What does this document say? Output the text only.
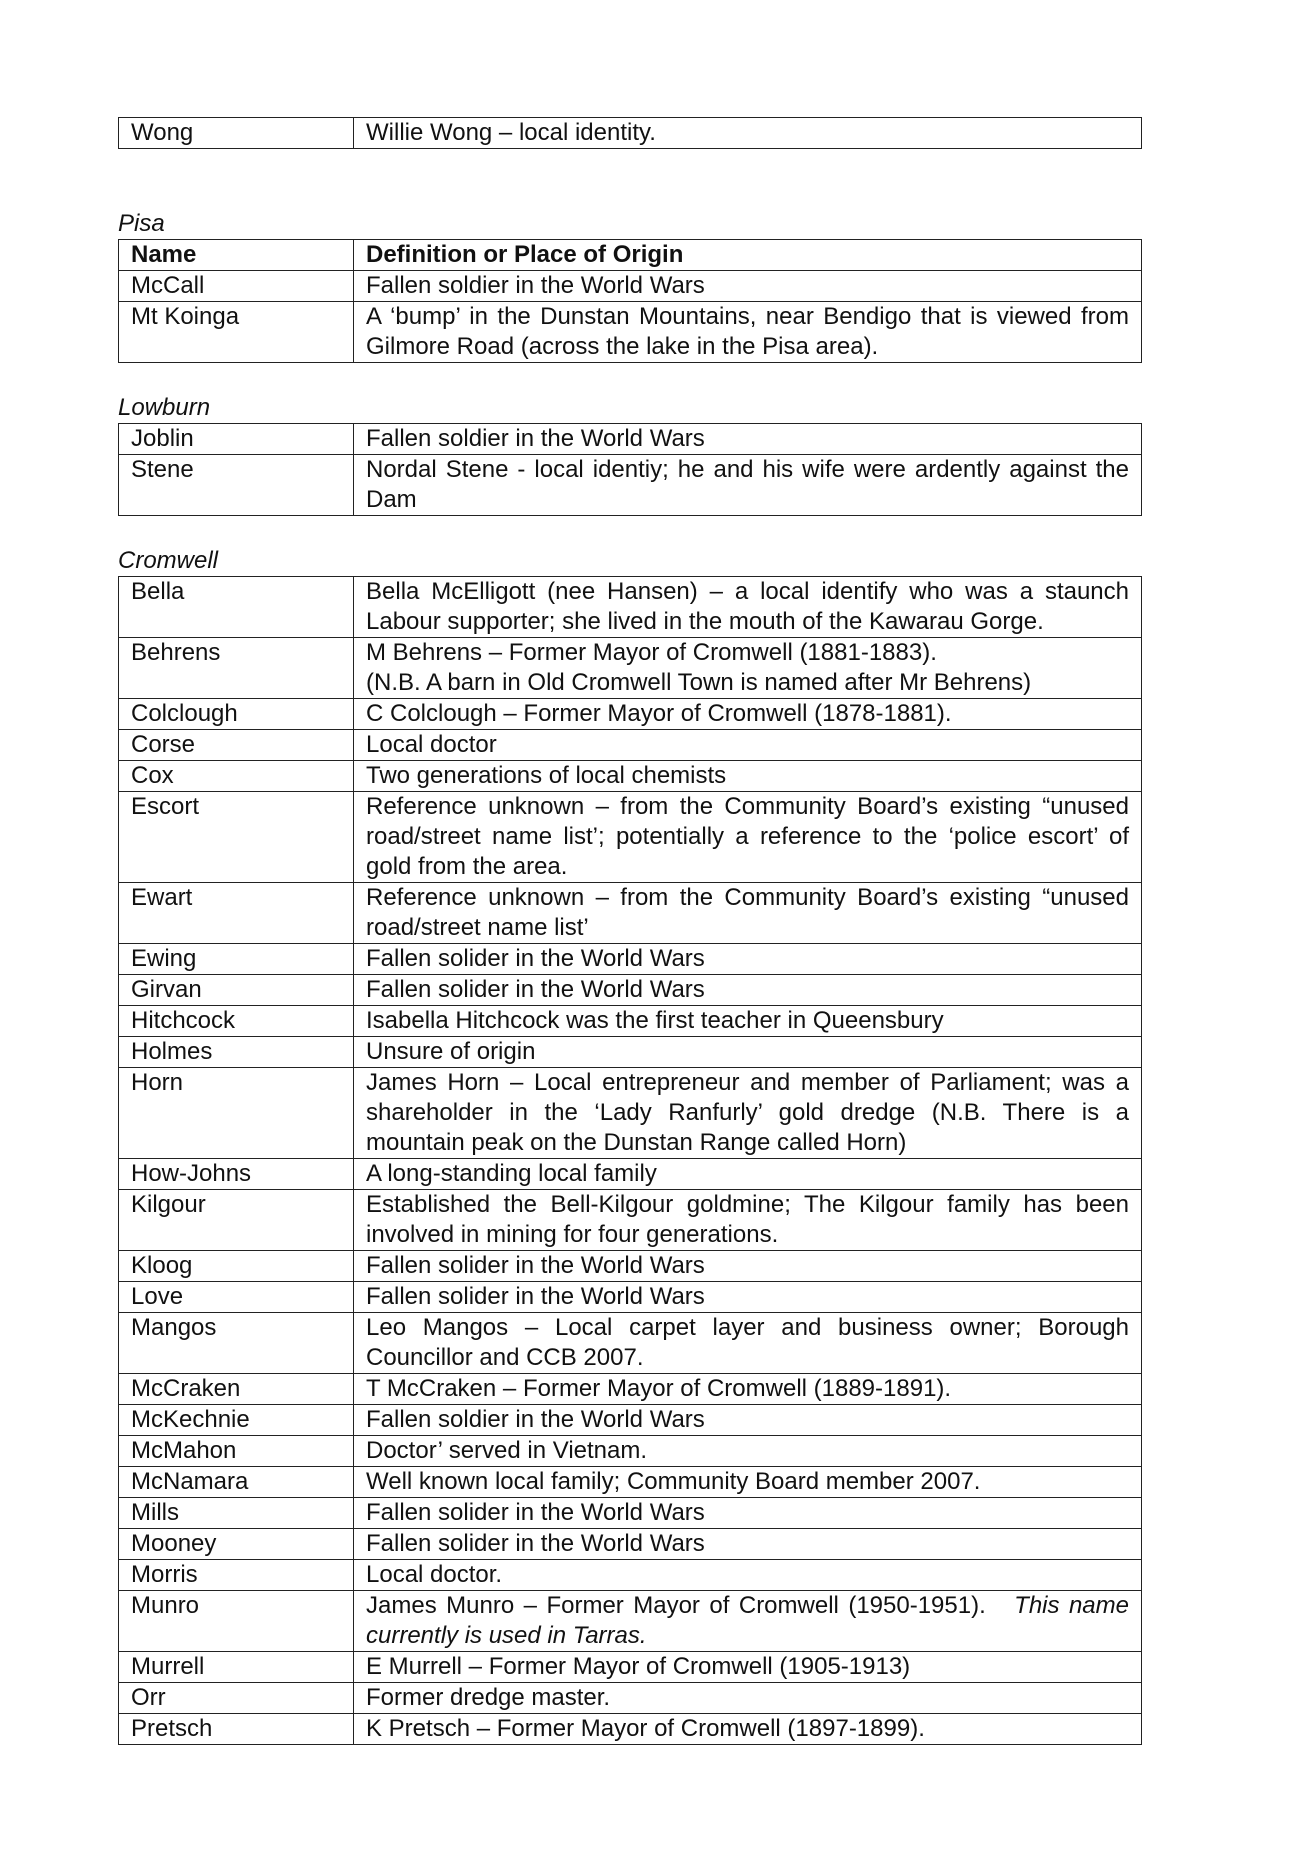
Wong	Willie Wong – local identity.
Pisa
Name	Definition or Place of Origin
McCall	Fallen soldier in the World Wars
Mt Koinga	A ‘bump’ in the Dunstan Mountains, near Bendigo that is viewed from Gilmore Road (across the lake in the Pisa area).
Lowburn
Joblin	Fallen soldier in the World Wars
Stene	Nordal Stene - local identiy; he and his wife were ardently against the Dam
Cromwell
Bella	Bella McElligott (nee Hansen) – a local identify who was a staunch Labour supporter; she lived in the mouth of the Kawarau Gorge.
Behrens	M Behrens – Former Mayor of Cromwell (1881-1883).
(N.B. A barn in Old Cromwell Town is named after Mr Behrens)
Colclough	C Colclough – Former Mayor of Cromwell (1878-1881).
Corse	Local doctor
Cox	Two generations of local chemists
Escort	Reference unknown – from the Community Board’s existing “unused road/street name list’; potentially a reference to the ‘police escort’ of gold from the area.
Ewart	Reference unknown – from the Community Board’s existing “unused road/street name list’
Ewing	Fallen solider in the World Wars
Girvan	Fallen solider in the World Wars
Hitchcock	Isabella Hitchcock was the first teacher in Queensbury
Holmes	Unsure of origin
Horn	James Horn – Local entrepreneur and member of Parliament; was a shareholder in the ‘Lady Ranfurly’ gold dredge (N.B. There is a mountain peak on the Dunstan Range called Horn)
How-Johns	A long-standing local family
Kilgour	Established the Bell-Kilgour goldmine; The Kilgour family has been involved in mining for four generations.
Kloog	Fallen solider in the World Wars
Love	Fallen solider in the World Wars
Mangos	Leo Mangos – Local carpet layer and business owner; Borough Councillor and CCB 2007.
McCraken	T McCraken – Former Mayor of Cromwell (1889-1891).
McKechnie	Fallen soldier in the World Wars
McMahon	Doctor’ served in Vietnam.
McNamara	Well known local family; Community Board member 2007.
Mills	Fallen solider in the World Wars
Mooney	Fallen solider in the World Wars
Morris	Local doctor.
Munro	James Munro – Former Mayor of Cromwell (1950-1951). This name currently is used in Tarras.
Murrell	E Murrell – Former Mayor of Cromwell (1905-1913)
Orr	Former dredge master.
Pretsch	K Pretsch – Former Mayor of Cromwell (1897-1899).
